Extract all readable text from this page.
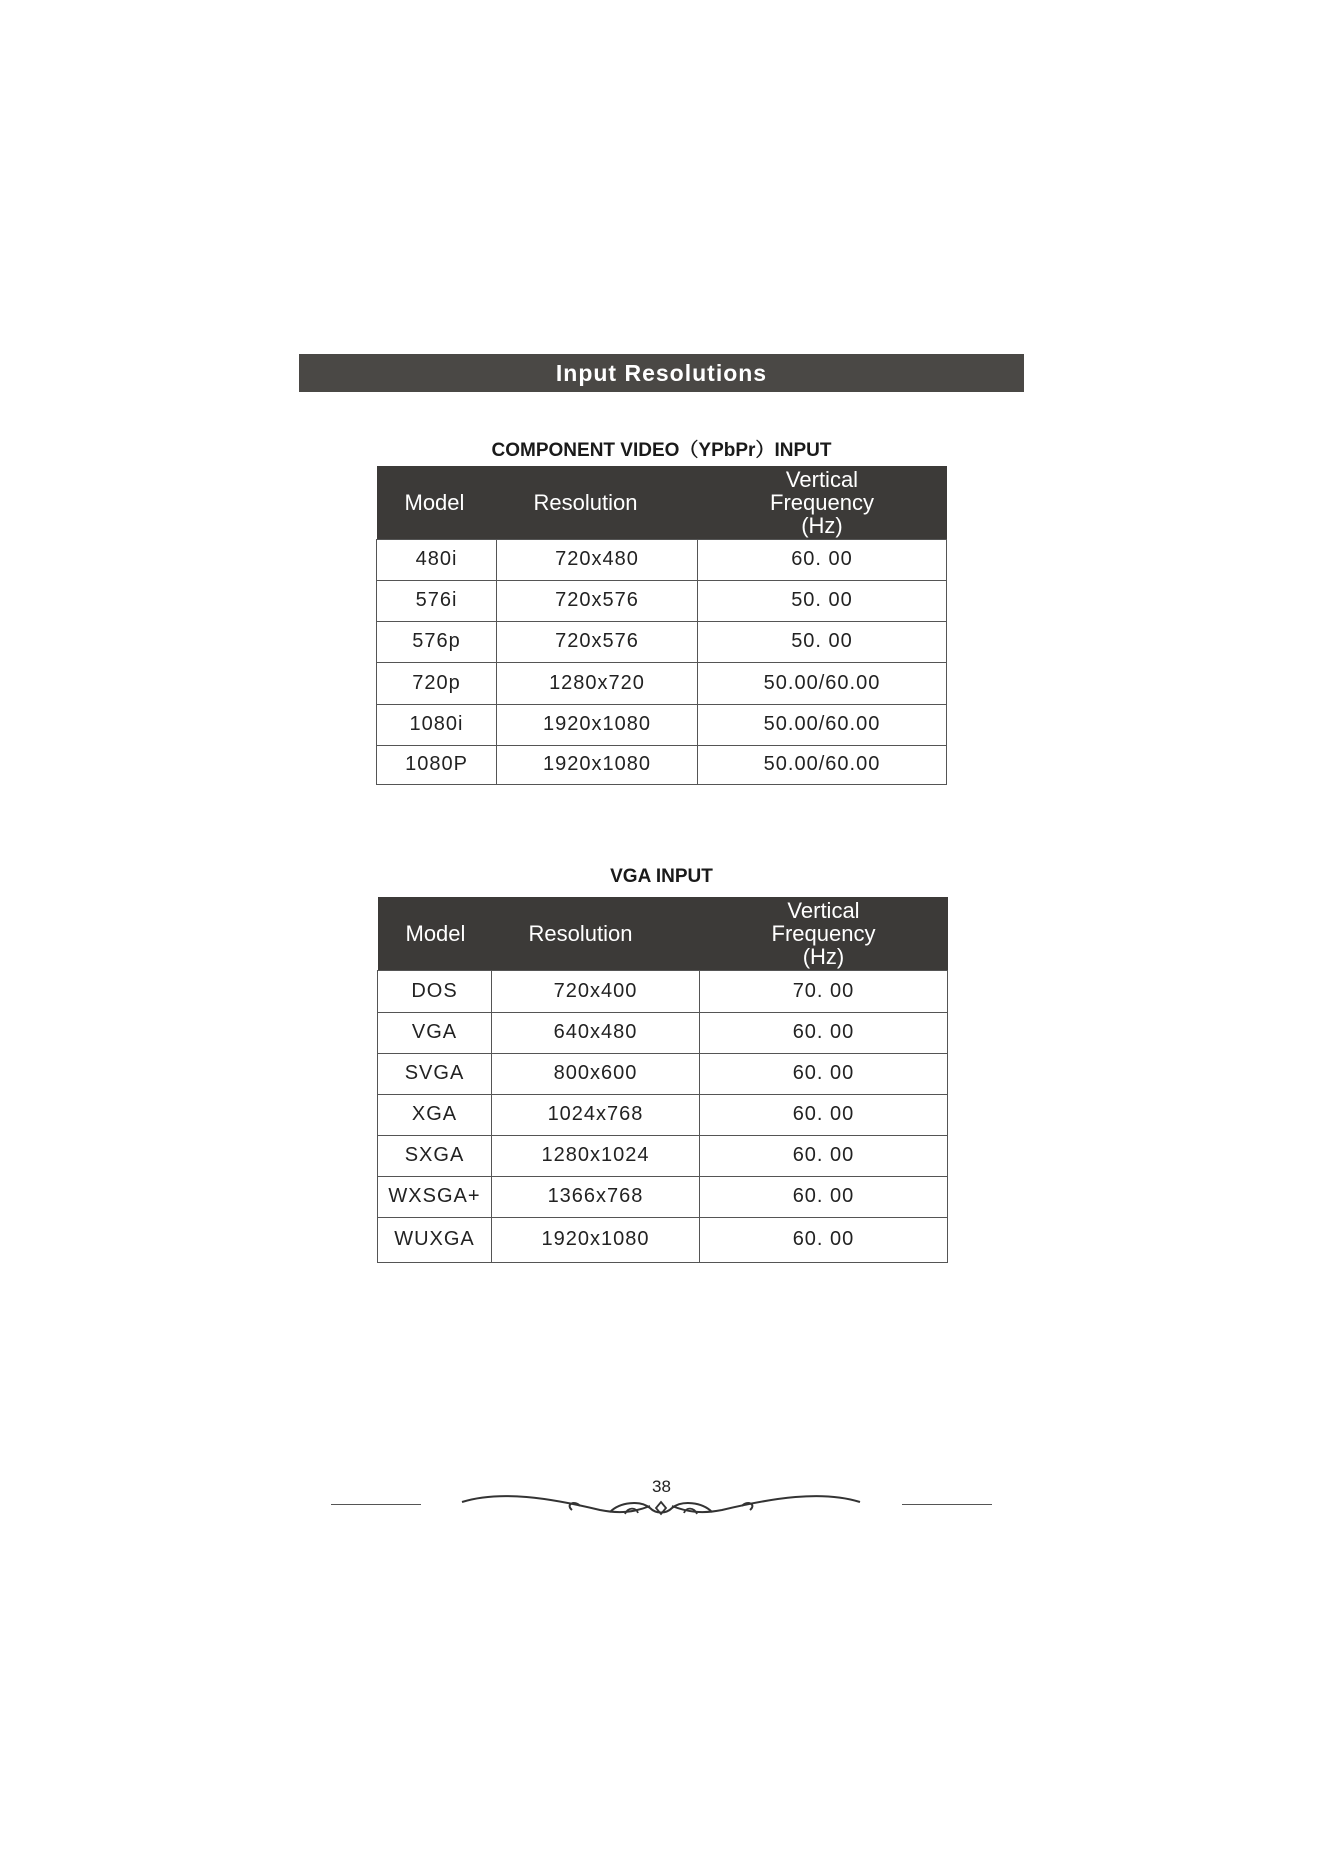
Input Resolutions
COMPONENT VIDEO（YPbPr）INPUT
Model	Resolution	Vertical
Frequency
(Hz)

480i	720x480	60. 00
576i	720x576	50. 00
576p	720x576	50. 00
720p	1280x720	50.00/60.00
1080i	1920x1080	50.00/60.00
1080P	1920x1080	50.00/60.00
VGA INPUT
Model	Resolution	Vertical
Frequency
(Hz)

DOS	720x400	70. 00
VGA	640x480	60. 00
SVGA	800x600	60. 00
XGA	1024x768	60. 00
SXGA	1280x1024	60. 00
WXSGA+	1366x768	60. 00
WUXGA	1920x1080	60. 00
38
